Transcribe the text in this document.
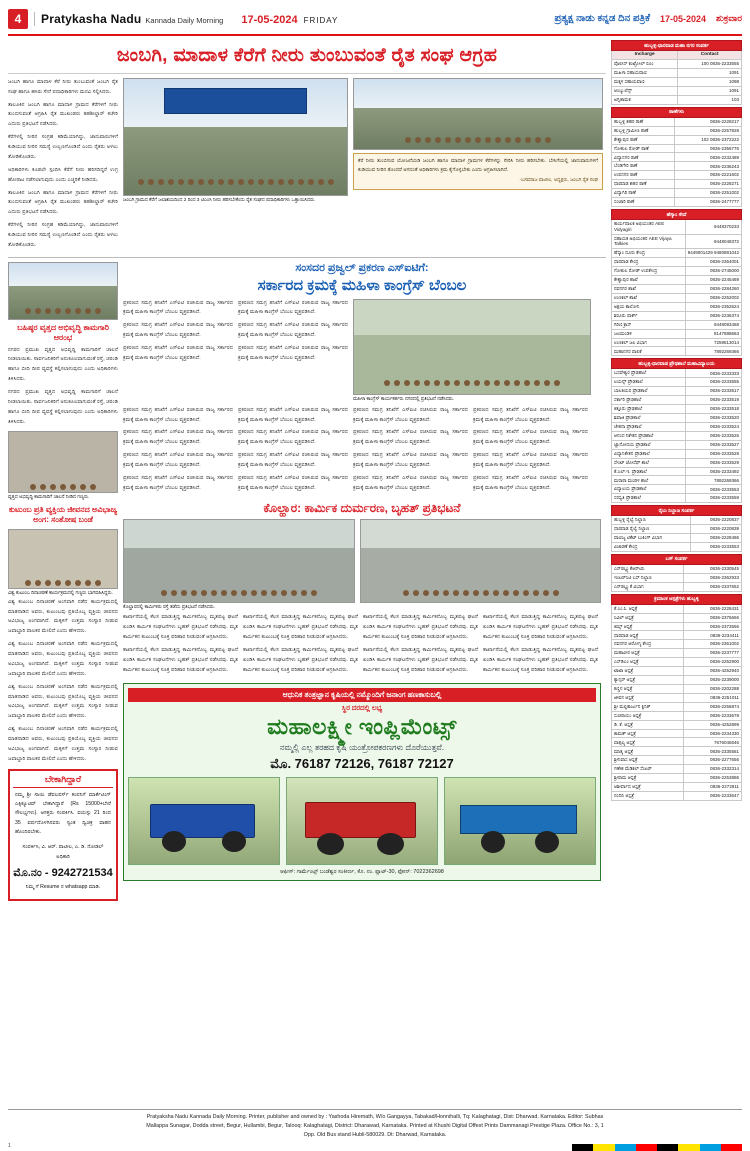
4	Pratykasha Nadu Kannada Daily Morning 17-05-2024 FRIDAY	ಪ್ರತ್ಯಕ್ಷ ನಾಡು ಕನ್ನಡ ದಿನ ಪತ್ರಿಕೆ 17-05-2024 ಶುಕ್ರವಾರ
ಜಂಬಗಿ, ಮಾದಾಳ ಕೆರೆಗೆ ನೀರು ತುಂಬುವಂತೆ ರೈತ ಸಂಘ ಆಗ್ರಹ

ಜಂಬಗಿ ಹಾಗೂ ಮಾದಾಳ ಕೆರೆ ನೀರು ತುಂಬುವಂತೆ ಜಂಬಗಿ ರೈತ ಸಂಘ ಹಾಗೂ ಹಸಿರು ಸೇನೆ ಪದಾಧಿಕಾರಿಗಳು ಮನವಿ ಸಲ್ಲಿಸಿದರು.

ತಾಲೂಕಿನ ಜಂಬಗಿ ಹಾಗೂ ಮಾದಾಳ ಗ್ರಾಮದ ಕೆರೆಗಳಿಗೆ ನೀರು ತುಂಬಿಸುವಂತೆ ಆಗ್ರಹಿಸಿ ರೈತ ಮುಖಂಡರು ತಹಶೀಲ್ದಾರ್ ಕಚೇರಿ ಎದುರು ಪ್ರತಿಭಟನೆ ನಡೆಸಿದರು.

ಕೆರೆಗಳಲ್ಲಿ ನೀರಿನ ಸಂಗ್ರಹ ಕಡಿಮೆಯಾಗಿದ್ದು, ಜಾನುವಾರುಗಳಿಗೆ ಕುಡಿಯುವ ನೀರಿನ ಸಮಸ್ಯೆ ಉಲ್ಬಣಗೊಂಡಿದೆ ಎಂದು ರೈತರು ಅಳಲು ತೋಡಿಕೊಂಡರು.

ಅಧಿಕಾರಿಗಳು ಕೂಡಲೇ ಸ್ಪಂದಿಸಿ ಕೆರೆಗೆ ನೀರು ಹರಿಸದಿದ್ದರೆ ಉಗ್ರ ಹೋರಾಟ ನಡೆಸಲಾಗುವುದು ಎಂದು ಎಚ್ಚರಿಕೆ ನೀಡಿದರು.

ತಾಲೂಕಿನ ಜಂಬಗಿ ಹಾಗೂ ಮಾದಾಳ ಗ್ರಾಮದ ಕೆರೆಗಳಿಗೆ ನೀರು ತುಂಬಿಸುವಂತೆ ಆಗ್ರಹಿಸಿ ರೈತ ಮುಖಂಡರು ತಹಶೀಲ್ದಾರ್ ಕಚೇರಿ ಎದುರು ಪ್ರತಿಭಟನೆ ನಡೆಸಿದರು.

ಕೆರೆಗಳಲ್ಲಿ ನೀರಿನ ಸಂಗ್ರಹ ಕಡಿಮೆಯಾಗಿದ್ದು, ಜಾನುವಾರುಗಳಿಗೆ ಕುಡಿಯುವ ನೀರಿನ ಸಮಸ್ಯೆ ಉಲ್ಬಣಗೊಂಡಿದೆ ಎಂದು ರೈತರು ಅಳಲು ತೋಡಿಕೊಂಡರು.

ಜಂಬಗಿ ಗ್ರಾಮದ ಕೆರೆಗೆ ಜಲಾಶಯದಿಂದ 2 ರಿಂದ 3 ಟಿಎಂಸಿ ನೀರು ಹರಿಸಬೇಕೆಂದು ರೈತ ಸಂಘದ ಪದಾಧಿಕಾರಿಗಳು ಒತ್ತಾಯಿಸಿದರು.
ಕೆರೆ ನೀರು ತುಂಬಿಸುವ ಯೋಜನೆಯಡಿ ಜಂಬಗಿ ಹಾಗೂ ಮಾದಾಳ ಗ್ರಾಮಗಳ ಕೆರೆಗಳನ್ನು ಸೇರಿಸಿ ನೀರು ಹರಿಸಬೇಕು. ಬೇಸಿಗೆಯಲ್ಲಿ ಜಾನುವಾರುಗಳಿಗೆ ಕುಡಿಯುವ ನೀರಿನ ತೊಂದರೆ ಆಗದಂತೆ ಅಧಿಕಾರಿಗಳು ಕ್ರಮ ಕೈಗೊಳ್ಳಬೇಕು ಎಂದು ಆಗ್ರಹಿಸಲಾಗಿದೆ.
-ಬಸವರಾಜ ಪಾಟೀಲ, ಅಧ್ಯಕ್ಷರು, ಜಂಬಗಿ ರೈತ ಸಂಘ
ಬಹಿಷ್ಠರ ವೃತ್ತದ ಅಭಿವೃದ್ಧಿ ಕಾಮಗಾರಿ ಆರಂಭ

ನಗರದ ಪ್ರಮುಖ ವೃತ್ತದ ಅಭಿವೃದ್ಧಿ ಕಾಮಗಾರಿಗೆ ಚಾಲನೆ ನೀಡಲಾಯಿತು. ಸಾರ್ವಜನಿಕರಿಗೆ ಅನುಕೂಲವಾಗುವಂತೆ ರಸ್ತೆ, ಚರಂಡಿ ಹಾಗೂ ಬೀದಿ ದೀಪ ವ್ಯವಸ್ಥೆ ಕಲ್ಪಿಸಲಾಗುವುದು ಎಂದು ಅಧಿಕಾರಿಗಳು ತಿಳಿಸಿದರು.

ನಗರದ ಪ್ರಮುಖ ವೃತ್ತದ ಅಭಿವೃದ್ಧಿ ಕಾಮಗಾರಿಗೆ ಚಾಲನೆ ನೀಡಲಾಯಿತು. ಸಾರ್ವಜನಿಕರಿಗೆ ಅನುಕೂಲವಾಗುವಂತೆ ರಸ್ತೆ, ಚರಂಡಿ ಹಾಗೂ ಬೀದಿ ದೀಪ ವ್ಯವಸ್ಥೆ ಕಲ್ಪಿಸಲಾಗುವುದು ಎಂದು ಅಧಿಕಾರಿಗಳು ತಿಳಿಸಿದರು.

ವೃತ್ತದ ಅಭಿವೃದ್ಧಿ ಕಾಮಗಾರಿಗೆ ಚಾಲನೆ ನೀಡಿದ ಗಣ್ಯರು.
ಕುಟುಂಬ ಪ್ರತಿ ವ್ಯಕ್ತಿಯ ಜೀವನದ ಅವಿಭಾಜ್ಯ ಅಂಗ: ಸಂತೋಷ ಬಂಡೆ
ವಿಶ್ವ ಕುಟುಂಬ ದಿನಾಚರಣೆ ಕಾರ್ಯಕ್ರಮದಲ್ಲಿ ಗಣ್ಯರು ಭಾಗವಹಿಸಿದ್ದರು.

ವಿಶ್ವ ಕುಟುಂಬ ದಿನಾಚರಣೆ ಅಂಗವಾಗಿ ನಡೆದ ಕಾರ್ಯಕ್ರಮದಲ್ಲಿ ಮಾತನಾಡಿದ ಅವರು, ಕುಟುಂಬವು ಪ್ರತಿಯೊಬ್ಬ ವ್ಯಕ್ತಿಯ ಜೀವನದ ಅವಿಭಾಜ್ಯ ಅಂಗವಾಗಿದೆ. ಮಕ್ಕಳಿಗೆ ಉತ್ತಮ ಸಂಸ್ಕಾರ ನೀಡುವ ಜವಾಬ್ದಾರಿ ಪಾಲಕರ ಮೇಲಿದೆ ಎಂದು ಹೇಳಿದರು.

ವಿಶ್ವ ಕುಟುಂಬ ದಿನಾಚರಣೆ ಅಂಗವಾಗಿ ನಡೆದ ಕಾರ್ಯಕ್ರಮದಲ್ಲಿ ಮಾತನಾಡಿದ ಅವರು, ಕುಟುಂಬವು ಪ್ರತಿಯೊಬ್ಬ ವ್ಯಕ್ತಿಯ ಜೀವನದ ಅವಿಭಾಜ್ಯ ಅಂಗವಾಗಿದೆ. ಮಕ್ಕಳಿಗೆ ಉತ್ತಮ ಸಂಸ್ಕಾರ ನೀಡುವ ಜವಾಬ್ದಾರಿ ಪಾಲಕರ ಮೇಲಿದೆ ಎಂದು ಹೇಳಿದರು.

ವಿಶ್ವ ಕುಟುಂಬ ದಿನಾಚರಣೆ ಅಂಗವಾಗಿ ನಡೆದ ಕಾರ್ಯಕ್ರಮದಲ್ಲಿ ಮಾತನಾಡಿದ ಅವರು, ಕುಟುಂಬವು ಪ್ರತಿಯೊಬ್ಬ ವ್ಯಕ್ತಿಯ ಜೀವನದ ಅವಿಭಾಜ್ಯ ಅಂಗವಾಗಿದೆ. ಮಕ್ಕಳಿಗೆ ಉತ್ತಮ ಸಂಸ್ಕಾರ ನೀಡುವ ಜವಾಬ್ದಾರಿ ಪಾಲಕರ ಮೇಲಿದೆ ಎಂದು ಹೇಳಿದರು.

ವಿಶ್ವ ಕುಟುಂಬ ದಿನಾಚರಣೆ ಅಂಗವಾಗಿ ನಡೆದ ಕಾರ್ಯಕ್ರಮದಲ್ಲಿ ಮಾತನಾಡಿದ ಅವರು, ಕುಟುಂಬವು ಪ್ರತಿಯೊಬ್ಬ ವ್ಯಕ್ತಿಯ ಜೀವನದ ಅವಿಭಾಜ್ಯ ಅಂಗವಾಗಿದೆ. ಮಕ್ಕಳಿಗೆ ಉತ್ತಮ ಸಂಸ್ಕಾರ ನೀಡುವ ಜವಾಬ್ದಾರಿ ಪಾಲಕರ ಮೇಲಿದೆ ಎಂದು ಹೇಳಿದರು.

ಬೇಕಾಗಿದ್ದಾರೆ
ನಮ್ಮ ಶ್ರೀ ಸಾಯಿ ಡೆವಲಪರ್ಸ್ ಕಂಪನಿಗೆ ಮಾರ್ಕೆಟಿಂಗ್ ಎಕ್ಸಿಕ್ಯೂಟಿವ್ ಬೇಕಾಗಿದ್ದಾರೆ (Rs 15000+ಬೇರೆ ಸೌಲಭ್ಯಗಳು). ಆಸಕ್ತರು ಸಂಪರ್ಕಿಸಿ. ವಯಸ್ಸು 21 ರಿಂದ 35 ವರ್ಷದೊಳಗಿನವರು ಸ್ವಂತ ದ್ವಿಚಕ್ರ ವಾಹನ ಹೊಂದಿರಬೇಕು.
ಸಂಪರ್ಕಿಸಿ, ವಿ. ಆರ್. ಪಾಟೀಲ, ಎ. ಡಿ. ನೋಡಲ್ ಅಧಿಕಾರಿ
ಮೊ.ನಂ - 9242721534
ನಿಮ್ಮ ಗೆ Resume ನ whatsapp ಮಾಡಿ.
ಸಂಸದರ ಪ್ರಜ್ವಲ್ ಪ್ರಕರಣ ಎಸ್‌ಐಟಿಗೆ:
ಸರ್ಕಾರದ ಕ್ರಮಕ್ಕೆ ಮಹಿಳಾ ಕಾಂಗ್ರೆಸ್ ಬೆಂಬಲ

ಪ್ರಕರಣದ ಸಮಗ್ರ ತನಿಖೆಗೆ ಎಸ್‌ಐಟಿ ರಚಿಸಿರುವ ರಾಜ್ಯ ಸರ್ಕಾರದ ಕ್ರಮಕ್ಕೆ ಮಹಿಳಾ ಕಾಂಗ್ರೆಸ್ ಬೆಂಬಲ ವ್ಯಕ್ತಪಡಿಸಿದೆ.

ಪ್ರಕರಣದ ಸಮಗ್ರ ತನಿಖೆಗೆ ಎಸ್‌ಐಟಿ ರಚಿಸಿರುವ ರಾಜ್ಯ ಸರ್ಕಾರದ ಕ್ರಮಕ್ಕೆ ಮಹಿಳಾ ಕಾಂಗ್ರೆಸ್ ಬೆಂಬಲ ವ್ಯಕ್ತಪಡಿಸಿದೆ.

ಪ್ರಕರಣದ ಸಮಗ್ರ ತನಿಖೆಗೆ ಎಸ್‌ಐಟಿ ರಚಿಸಿರುವ ರಾಜ್ಯ ಸರ್ಕಾರದ ಕ್ರಮಕ್ಕೆ ಮಹಿಳಾ ಕಾಂಗ್ರೆಸ್ ಬೆಂಬಲ ವ್ಯಕ್ತಪಡಿಸಿದೆ.

ಪ್ರಕರಣದ ಸಮಗ್ರ ತನಿಖೆಗೆ ಎಸ್‌ಐಟಿ ರಚಿಸಿರುವ ರಾಜ್ಯ ಸರ್ಕಾರದ ಕ್ರಮಕ್ಕೆ ಮಹಿಳಾ ಕಾಂಗ್ರೆಸ್ ಬೆಂಬಲ ವ್ಯಕ್ತಪಡಿಸಿದೆ.

ಪ್ರಕರಣದ ಸಮಗ್ರ ತನಿಖೆಗೆ ಎಸ್‌ಐಟಿ ರಚಿಸಿರುವ ರಾಜ್ಯ ಸರ್ಕಾರದ ಕ್ರಮಕ್ಕೆ ಮಹಿಳಾ ಕಾಂಗ್ರೆಸ್ ಬೆಂಬಲ ವ್ಯಕ್ತಪಡಿಸಿದೆ.

ಪ್ರಕರಣದ ಸಮಗ್ರ ತನಿಖೆಗೆ ಎಸ್‌ಐಟಿ ರಚಿಸಿರುವ ರಾಜ್ಯ ಸರ್ಕಾರದ ಕ್ರಮಕ್ಕೆ ಮಹಿಳಾ ಕಾಂಗ್ರೆಸ್ ಬೆಂಬಲ ವ್ಯಕ್ತಪಡಿಸಿದೆ.

ಮಹಿಳಾ ಕಾಂಗ್ರೆಸ್ ಕಾರ್ಯಕರ್ತರು ನಗರದಲ್ಲಿ ಪ್ರತಿಭಟನೆ ನಡೆಸಿದರು.

ಪ್ರಕರಣದ ಸಮಗ್ರ ತನಿಖೆಗೆ ಎಸ್‌ಐಟಿ ರಚಿಸಿರುವ ರಾಜ್ಯ ಸರ್ಕಾರದ ಕ್ರಮಕ್ಕೆ ಮಹಿಳಾ ಕಾಂಗ್ರೆಸ್ ಬೆಂಬಲ ವ್ಯಕ್ತಪಡಿಸಿದೆ.

ಪ್ರಕರಣದ ಸಮಗ್ರ ತನಿಖೆಗೆ ಎಸ್‌ಐಟಿ ರಚಿಸಿರುವ ರಾಜ್ಯ ಸರ್ಕಾರದ ಕ್ರಮಕ್ಕೆ ಮಹಿಳಾ ಕಾಂಗ್ರೆಸ್ ಬೆಂಬಲ ವ್ಯಕ್ತಪಡಿಸಿದೆ.

ಪ್ರಕರಣದ ಸಮಗ್ರ ತನಿಖೆಗೆ ಎಸ್‌ಐಟಿ ರಚಿಸಿರುವ ರಾಜ್ಯ ಸರ್ಕಾರದ ಕ್ರಮಕ್ಕೆ ಮಹಿಳಾ ಕಾಂಗ್ರೆಸ್ ಬೆಂಬಲ ವ್ಯಕ್ತಪಡಿಸಿದೆ.

ಪ್ರಕರಣದ ಸಮಗ್ರ ತನಿಖೆಗೆ ಎಸ್‌ಐಟಿ ರಚಿಸಿರುವ ರಾಜ್ಯ ಸರ್ಕಾರದ ಕ್ರಮಕ್ಕೆ ಮಹಿಳಾ ಕಾಂಗ್ರೆಸ್ ಬೆಂಬಲ ವ್ಯಕ್ತಪಡಿಸಿದೆ.

ಪ್ರಕರಣದ ಸಮಗ್ರ ತನಿಖೆಗೆ ಎಸ್‌ಐಟಿ ರಚಿಸಿರುವ ರಾಜ್ಯ ಸರ್ಕಾರದ ಕ್ರಮಕ್ಕೆ ಮಹಿಳಾ ಕಾಂಗ್ರೆಸ್ ಬೆಂಬಲ ವ್ಯಕ್ತಪಡಿಸಿದೆ.

ಪ್ರಕರಣದ ಸಮಗ್ರ ತನಿಖೆಗೆ ಎಸ್‌ಐಟಿ ರಚಿಸಿರುವ ರಾಜ್ಯ ಸರ್ಕಾರದ ಕ್ರಮಕ್ಕೆ ಮಹಿಳಾ ಕಾಂಗ್ರೆಸ್ ಬೆಂಬಲ ವ್ಯಕ್ತಪಡಿಸಿದೆ.

ಪ್ರಕರಣದ ಸಮಗ್ರ ತನಿಖೆಗೆ ಎಸ್‌ಐಟಿ ರಚಿಸಿರುವ ರಾಜ್ಯ ಸರ್ಕಾರದ ಕ್ರಮಕ್ಕೆ ಮಹಿಳಾ ಕಾಂಗ್ರೆಸ್ ಬೆಂಬಲ ವ್ಯಕ್ತಪಡಿಸಿದೆ.

ಪ್ರಕರಣದ ಸಮಗ್ರ ತನಿಖೆಗೆ ಎಸ್‌ಐಟಿ ರಚಿಸಿರುವ ರಾಜ್ಯ ಸರ್ಕಾರದ ಕ್ರಮಕ್ಕೆ ಮಹಿಳಾ ಕಾಂಗ್ರೆಸ್ ಬೆಂಬಲ ವ್ಯಕ್ತಪಡಿಸಿದೆ.

ಪ್ರಕರಣದ ಸಮಗ್ರ ತನಿಖೆಗೆ ಎಸ್‌ಐಟಿ ರಚಿಸಿರುವ ರಾಜ್ಯ ಸರ್ಕಾರದ ಕ್ರಮಕ್ಕೆ ಮಹಿಳಾ ಕಾಂಗ್ರೆಸ್ ಬೆಂಬಲ ವ್ಯಕ್ತಪಡಿಸಿದೆ.

ಪ್ರಕರಣದ ಸಮಗ್ರ ತನಿಖೆಗೆ ಎಸ್‌ಐಟಿ ರಚಿಸಿರುವ ರಾಜ್ಯ ಸರ್ಕಾರದ ಕ್ರಮಕ್ಕೆ ಮಹಿಳಾ ಕಾಂಗ್ರೆಸ್ ಬೆಂಬಲ ವ್ಯಕ್ತಪಡಿಸಿದೆ.

ಪ್ರಕರಣದ ಸಮಗ್ರ ತನಿಖೆಗೆ ಎಸ್‌ಐಟಿ ರಚಿಸಿರುವ ರಾಜ್ಯ ಸರ್ಕಾರದ ಕ್ರಮಕ್ಕೆ ಮಹಿಳಾ ಕಾಂಗ್ರೆಸ್ ಬೆಂಬಲ ವ್ಯಕ್ತಪಡಿಸಿದೆ.

ಪ್ರಕರಣದ ಸಮಗ್ರ ತನಿಖೆಗೆ ಎಸ್‌ಐಟಿ ರಚಿಸಿರುವ ರಾಜ್ಯ ಸರ್ಕಾರದ ಕ್ರಮಕ್ಕೆ ಮಹಿಳಾ ಕಾಂಗ್ರೆಸ್ ಬೆಂಬಲ ವ್ಯಕ್ತಪಡಿಸಿದೆ.

ಪ್ರಕರಣದ ಸಮಗ್ರ ತನಿಖೆಗೆ ಎಸ್‌ಐಟಿ ರಚಿಸಿರುವ ರಾಜ್ಯ ಸರ್ಕಾರದ ಕ್ರಮಕ್ಕೆ ಮಹಿಳಾ ಕಾಂಗ್ರೆಸ್ ಬೆಂಬಲ ವ್ಯಕ್ತಪಡಿಸಿದೆ.

ಪ್ರಕರಣದ ಸಮಗ್ರ ತನಿಖೆಗೆ ಎಸ್‌ಐಟಿ ರಚಿಸಿರುವ ರಾಜ್ಯ ಸರ್ಕಾರದ ಕ್ರಮಕ್ಕೆ ಮಹಿಳಾ ಕಾಂಗ್ರೆಸ್ ಬೆಂಬಲ ವ್ಯಕ್ತಪಡಿಸಿದೆ.

ಪ್ರಕರಣದ ಸಮಗ್ರ ತನಿಖೆಗೆ ಎಸ್‌ಐಟಿ ರಚಿಸಿರುವ ರಾಜ್ಯ ಸರ್ಕಾರದ ಕ್ರಮಕ್ಕೆ ಮಹಿಳಾ ಕಾಂಗ್ರೆಸ್ ಬೆಂಬಲ ವ್ಯಕ್ತಪಡಿಸಿದೆ.

ಪ್ರಕರಣದ ಸಮಗ್ರ ತನಿಖೆಗೆ ಎಸ್‌ಐಟಿ ರಚಿಸಿರುವ ರಾಜ್ಯ ಸರ್ಕಾರದ ಕ್ರಮಕ್ಕೆ ಮಹಿಳಾ ಕಾಂಗ್ರೆಸ್ ಬೆಂಬಲ ವ್ಯಕ್ತಪಡಿಸಿದೆ.

ಕೊಲ್ಹಾರ: ಕಾರ್ಮಿಕ ದುರ್ಮರಣ, ಬೃಹತ್ ಪ್ರತಿಭಟನೆ
ಕೊಲ್ಹಾರದಲ್ಲಿ ಕಾರ್ಮಿಕರು ರಸ್ತೆ ತಡೆದು ಪ್ರತಿಭಟನೆ ನಡೆಸಿದರು.

ಕಾರ್ಖಾನೆಯಲ್ಲಿ ಕೆಲಸ ಮಾಡುತ್ತಿದ್ದ ಕಾರ್ಮಿಕನೊಬ್ಬ ಮೃತಪಟ್ಟ ಘಟನೆ ಖಂಡಿಸಿ ಕಾರ್ಮಿಕ ಸಂಘಟನೆಗಳು ಬೃಹತ್ ಪ್ರತಿಭಟನೆ ನಡೆಸಿದವು. ಮೃತ ಕಾರ್ಮಿಕನ ಕುಟುಂಬಕ್ಕೆ ಸೂಕ್ತ ಪರಿಹಾರ ನೀಡುವಂತೆ ಆಗ್ರಹಿಸಿದರು.

ಕಾರ್ಖಾನೆಯಲ್ಲಿ ಕೆಲಸ ಮಾಡುತ್ತಿದ್ದ ಕಾರ್ಮಿಕನೊಬ್ಬ ಮೃತಪಟ್ಟ ಘಟನೆ ಖಂಡಿಸಿ ಕಾರ್ಮಿಕ ಸಂಘಟನೆಗಳು ಬೃಹತ್ ಪ್ರತಿಭಟನೆ ನಡೆಸಿದವು. ಮೃತ ಕಾರ್ಮಿಕನ ಕುಟುಂಬಕ್ಕೆ ಸೂಕ್ತ ಪರಿಹಾರ ನೀಡುವಂತೆ ಆಗ್ರಹಿಸಿದರು.

ಕಾರ್ಖಾನೆಯಲ್ಲಿ ಕೆಲಸ ಮಾಡುತ್ತಿದ್ದ ಕಾರ್ಮಿಕನೊಬ್ಬ ಮೃತಪಟ್ಟ ಘಟನೆ ಖಂಡಿಸಿ ಕಾರ್ಮಿಕ ಸಂಘಟನೆಗಳು ಬೃಹತ್ ಪ್ರತಿಭಟನೆ ನಡೆಸಿದವು. ಮೃತ ಕಾರ್ಮಿಕನ ಕುಟುಂಬಕ್ಕೆ ಸೂಕ್ತ ಪರಿಹಾರ ನೀಡುವಂತೆ ಆಗ್ರಹಿಸಿದರು.

ಕಾರ್ಖಾನೆಯಲ್ಲಿ ಕೆಲಸ ಮಾಡುತ್ತಿದ್ದ ಕಾರ್ಮಿಕನೊಬ್ಬ ಮೃತಪಟ್ಟ ಘಟನೆ ಖಂಡಿಸಿ ಕಾರ್ಮಿಕ ಸಂಘಟನೆಗಳು ಬೃಹತ್ ಪ್ರತಿಭಟನೆ ನಡೆಸಿದವು. ಮೃತ ಕಾರ್ಮಿಕನ ಕುಟುಂಬಕ್ಕೆ ಸೂಕ್ತ ಪರಿಹಾರ ನೀಡುವಂತೆ ಆಗ್ರಹಿಸಿದರು.

ಕಾರ್ಖಾನೆಯಲ್ಲಿ ಕೆಲಸ ಮಾಡುತ್ತಿದ್ದ ಕಾರ್ಮಿಕನೊಬ್ಬ ಮೃತಪಟ್ಟ ಘಟನೆ ಖಂಡಿಸಿ ಕಾರ್ಮಿಕ ಸಂಘಟನೆಗಳು ಬೃಹತ್ ಪ್ರತಿಭಟನೆ ನಡೆಸಿದವು. ಮೃತ ಕಾರ್ಮಿಕನ ಕುಟುಂಬಕ್ಕೆ ಸೂಕ್ತ ಪರಿಹಾರ ನೀಡುವಂತೆ ಆಗ್ರಹಿಸಿದರು.

ಕಾರ್ಖಾನೆಯಲ್ಲಿ ಕೆಲಸ ಮಾಡುತ್ತಿದ್ದ ಕಾರ್ಮಿಕನೊಬ್ಬ ಮೃತಪಟ್ಟ ಘಟನೆ ಖಂಡಿಸಿ ಕಾರ್ಮಿಕ ಸಂಘಟನೆಗಳು ಬೃಹತ್ ಪ್ರತಿಭಟನೆ ನಡೆಸಿದವು. ಮೃತ ಕಾರ್ಮಿಕನ ಕುಟುಂಬಕ್ಕೆ ಸೂಕ್ತ ಪರಿಹಾರ ನೀಡುವಂತೆ ಆಗ್ರಹಿಸಿದರು.

ಕಾರ್ಖಾನೆಯಲ್ಲಿ ಕೆಲಸ ಮಾಡುತ್ತಿದ್ದ ಕಾರ್ಮಿಕನೊಬ್ಬ ಮೃತಪಟ್ಟ ಘಟನೆ ಖಂಡಿಸಿ ಕಾರ್ಮಿಕ ಸಂಘಟನೆಗಳು ಬೃಹತ್ ಪ್ರತಿಭಟನೆ ನಡೆಸಿದವು. ಮೃತ ಕಾರ್ಮಿಕನ ಕುಟುಂಬಕ್ಕೆ ಸೂಕ್ತ ಪರಿಹಾರ ನೀಡುವಂತೆ ಆಗ್ರಹಿಸಿದರು.

ಕಾರ್ಖಾನೆಯಲ್ಲಿ ಕೆಲಸ ಮಾಡುತ್ತಿದ್ದ ಕಾರ್ಮಿಕನೊಬ್ಬ ಮೃತಪಟ್ಟ ಘಟನೆ ಖಂಡಿಸಿ ಕಾರ್ಮಿಕ ಸಂಘಟನೆಗಳು ಬೃಹತ್ ಪ್ರತಿಭಟನೆ ನಡೆಸಿದವು. ಮೃತ ಕಾರ್ಮಿಕನ ಕುಟುಂಬಕ್ಕೆ ಸೂಕ್ತ ಪರಿಹಾರ ನೀಡುವಂತೆ ಆಗ್ರಹಿಸಿದರು.

ಆಧುನಿಕ ತಂತ್ರಜ್ಞಾನ ಕೃಷಿಯಲ್ಲಿ ನಮ್ಮೊಂದಿಗೆ ಜನಾಂಗ ಹಣಕಾಸುಬಲ್ಲಿ
ಸ್ಥಿರ ದರದಲ್ಲಿ ಲಭ್ಯ
ಮಹಾಲಕ್ಷ್ಮೀ ಇಂಪ್ಲಿಮೆಂಟ್ಸ್
ನಮ್ಮಲ್ಲಿ ಎಲ್ಲ ತರಹದ ಕೃಷಿ ಯಂತ್ರೋಪಕರಣಗಳು ದೊರೆಯುತ್ತವೆ.
ಮೊ. 76187 72126, 76187 72127
ಆಫೀಸ್: ಗಾರ್ಮೆಂಟ್ಸ್ ಬಂಡೆಶ್ವರ ಸಂಕೀರ್ಣ, ಕೊ. ನಂ. ಪ್ಲಾಟ್-30, ಫೋನ್: 7022362698
ಹುಬ್ಬಳ್ಳಿ-ಧಾರವಾಡ ಮಹಾ ನಗರ ಸಂಪರ್ಕ	
Incharge	Contact
ಪೊಲೀಸ್ ಕಂಟ್ರೋಲ್ ರೂಂ	100 0836-2233555
ಮಹಿಳಾ ಸಹಾಯವಾಣಿ	1091
ಮಕ್ಕಳ ಸಹಾಯವಾಣಿ	1098
ಆಂಬ್ಯುಲೆನ್ಸ್	1091
ಅಗ್ನಿಶಾಮಕ	103
ಠಾಣೆಗಳು	
ಹುಬ್ಬಳ್ಳಿ ಶಹರ ಠಾಣೆ	0836-2228217
ಹುಬ್ಬಳ್ಳಿ ಗ್ರಾಮೀಣ ಠಾಣೆ	0836-2257828
ಕೇಶ್ವಾಪುರ ಠಾಣೆ	102 0836-2372222
ಗೋಕುಲ ರೋಡ್ ಠಾಣೆ	0836-2356776
ವಿದ್ಯಾನಗರ ಠಾಣೆ	0836-2232489
ಬೆಂಡಿಗೇರಿ ಠಾಣೆ	0836-2236243
ಉಪನಗರ ಠಾಣೆ	0836-2221602
ಧಾರವಾಡ ಶಹರ ಠಾಣೆ	0836-2228271
ವಿದ್ಯಾಗಿರಿ ಠಾಣೆ	0836-2251002
ಸಂಚಾರಿ ಠಾಣೆ	0836-2477777
ಹೆಸ್ಕಾಂ ಸೇವೆ	
ಕಾರ್ಯಪಾಲಕ ಅಭಿಯಂತರ AEE Vidyagiri	9448370233
ಸಹಾಯಕ ಅಭಿಯಂತರ AEE Vijaya Talkies	9448048372
ಹೆಸ್ಕಾಂ ದೂರು ಕೇಂದ್ರ	9449001429 9480881042
ಧಾರವಾಡ ಕೇಂದ್ರ	0836-2364001
ಗೋಕುಲ ರೋಡ್ ಉಪಕೇಂದ್ರ	0836-2745000
ಕೇಶ್ವಾಪುರ ಶಾಖೆ	0836-2245469
ನವನಗರ ಶಾಖೆ	0836-2284260
ಉಣಕಲ್ ಶಾಖೆ	0836-2252002
ಅಕ್ಷಯ ಕಾಲೋನಿ	0836-2352624
ಶಿರೂರು ಪಾರ್ಕ್	0836-2236374
ಗಿರಿಣಿ ಕ್ರಾಸ್	9448093468
ಜಲಮಂಡಳಿ	8147888663
ಉಣಕಲ್ ಜಲ ವಿಭಾಗ	7259513014
ಮಹಾನಗರ ಪಾಲಿಕೆ	7892269366
ಹುಬ್ಬಳ್ಳಿ-ಧಾರವಾಡ ಪ್ರೌಢಶಾಲೆ ಮಹಾವಿದ್ಯಾಲಯ	
ಬಸವೇಶ್ವರ ಪ್ರೌಢಶಾಲೆ	0836-2233333
ಲಯನ್ಸ್ ಪ್ರೌಢಶಾಲೆ	0836-2233555
ಬಾಲಕಿಯರ ಪ್ರೌಢಶಾಲೆ	0836-2233517
ಸರ್ಕಾರಿ ಪ್ರೌಢಶಾಲೆ	0836-2233519
ಕಿತ್ತೂರು ಪ್ರೌಢಶಾಲೆ	0836-2233518
ಶಿವಾಜಿ ಪ್ರೌಢಶಾಲೆ	0836-2233520
ಚೇತನಾ ಪ್ರೌಢಶಾಲೆ	0836-2233524
ಆನಂದ ನಿಕೇತನ ಪ್ರೌಢಶಾಲೆ	0836-2233526
ಜ್ಞಾನೋದಯ ಪ್ರೌಢಶಾಲೆ	0836-2233527
ವಿದ್ಯಾನಿಕೇತನ ಪ್ರೌಢಶಾಲೆ	0836-2233528
ಸೇಂಟ್ ಜೋಸೆಫ್ ಶಾಲೆ	0836-2233529
ಕೆ.ಎಲ್.ಇ. ಪ್ರೌಢಶಾಲೆ	0836-2233492
ಮರಾಠಾ ಮಂಡಳ ಶಾಲೆ	7892269366
ವಿದ್ಯಾಲಯ ಪ್ರೌಢಶಾಲೆ	0836-2233553
ಸರಸ್ವತಿ ಪ್ರೌಢಶಾಲೆ	0836-2233559
ರೈಲು ನಿಲ್ದಾಣ ಸಂಪರ್ಕ	
ಹುಬ್ಬಳ್ಳಿ ರೈಲ್ವೆ ನಿಲ್ದಾಣ	0836-2220837
ಧಾರವಾಡ ರೈಲ್ವೆ ನಿಲ್ದಾಣ	0836-2220839
ವಾಣಿಜ್ಯ ಟಿಕೆಟ್ ಬುಕಿಂಗ್ ವಿಭಾಗ	0836-2228486
ವಿಚಾರಣೆ ಕೇಂದ್ರ	0836-2233553
ಬಸ್ ಸಂಪರ್ಕ	
ಎನ್‌ಡಬ್ಲ್ಯುಕೆಆರ್‌ಟಿಸಿ	0836-2330545
ಇಂಟರ್‌ಸಿಟಿ ಬಸ್ ನಿಲ್ದಾಣ	0836-2362933
ಎನ್‌ಡಬ್ಲ್ಯುಕೆ ವಿಭಾಗ	0836-2337652
ಕ್ರಮಾಂಕ ಆಸ್ಪತ್ರೆಗಳು ಹುಬ್ಬಳ್ಳಿ	
ಕೆ.ಎಂ.ಸಿ. ಆಸ್ಪತ್ರೆ	0836-2228431
ಸಿವಿಲ್ ಆಸ್ಪತ್ರೆ	0836-2376666
ಕಿಮ್ಸ್ ಆಸ್ಪತ್ರೆ	0836-2373556
ಧಾರವಾಡ ಆಸ್ಪತ್ರೆ	0836-2234411
ನವನಗರ ಆರೋಗ್ಯ ಕೇಂದ್ರ	0836-2361002
ಮಹಾವೀರ ಆಸ್ಪತ್ರೆ	0836-2237777
ಎಸ್‌ಡಿಎಂ ಆಸ್ಪತ್ರೆ	0836-2252900
ಟಾಟಾ ಆಸ್ಪತ್ರೆ	0836-4252940
ಕ್ಯಾನ್ಸರ್ ಆಸ್ಪತ್ರೆ	0836-2239000
ಕಣ್ಣಿನ ಆಸ್ಪತ್ರೆ	0836-2202288
ಜೀವನ ಆಸ್ಪತ್ರೆ	0836-2251011
ಶ್ರೀ ಮಲ್ಲಿಕಾರ್ಜುನ ಕ್ಲಿನಿಕ್	0836-2256874
ಸುಚಿರಾಯು ಆಸ್ಪತ್ರೆ	0836-2233678
ಡಿ. ಕೆ. ಆಸ್ಪತ್ರೆ	0836-4252899
ಕಾಮತ್ ಆಸ್ಪತ್ರೆ	0836-2234330
ವಾತ್ಸಲ್ಯ ಆಸ್ಪತ್ರೆ	7676046646
ಮಾತೃ ಆಸ್ಪತ್ರೆ	0836-2335561
ಶ್ರೀನಿವಾಸ ಆಸ್ಪತ್ರೆ	0836-2277656
ಗಣೇಶ ಮೆಡಿಕಲ್ ಸೆಂಟರ್	0836-2332314
ಶ್ರೀರಾಮ ಆಸ್ಪತ್ರೆ	0836-2253886
ಆಶೀರ್ವಾದ ಆಸ್ಪತ್ರೆ	0836-2272811
ನಂದಿನಿ ಆಸ್ಪತ್ರೆ	0836-2233647
Pratyaksha Nadu Kannada Daily Morning. Printer, publisher and owned by : Yashoda Hiremath, W/o Gangayya, Tabakad/Honnihalli, Tq: Kalaghatagi, Dist: Dharwad. Karnataka. Editor: Subhas
Mallappa Sunagar, Dodda street, Begur, Hullambi, Begur, Talooq: Kalaghatagi, District: Dharawad, Karnataka. Printed at Khushi Digital Offest Prints Dammanagi Prestige Plaza. Office No.: 3, 1
Opp. Old Bus stand Hubli-580029. Dt: Dharwad, Karnataka.
1
